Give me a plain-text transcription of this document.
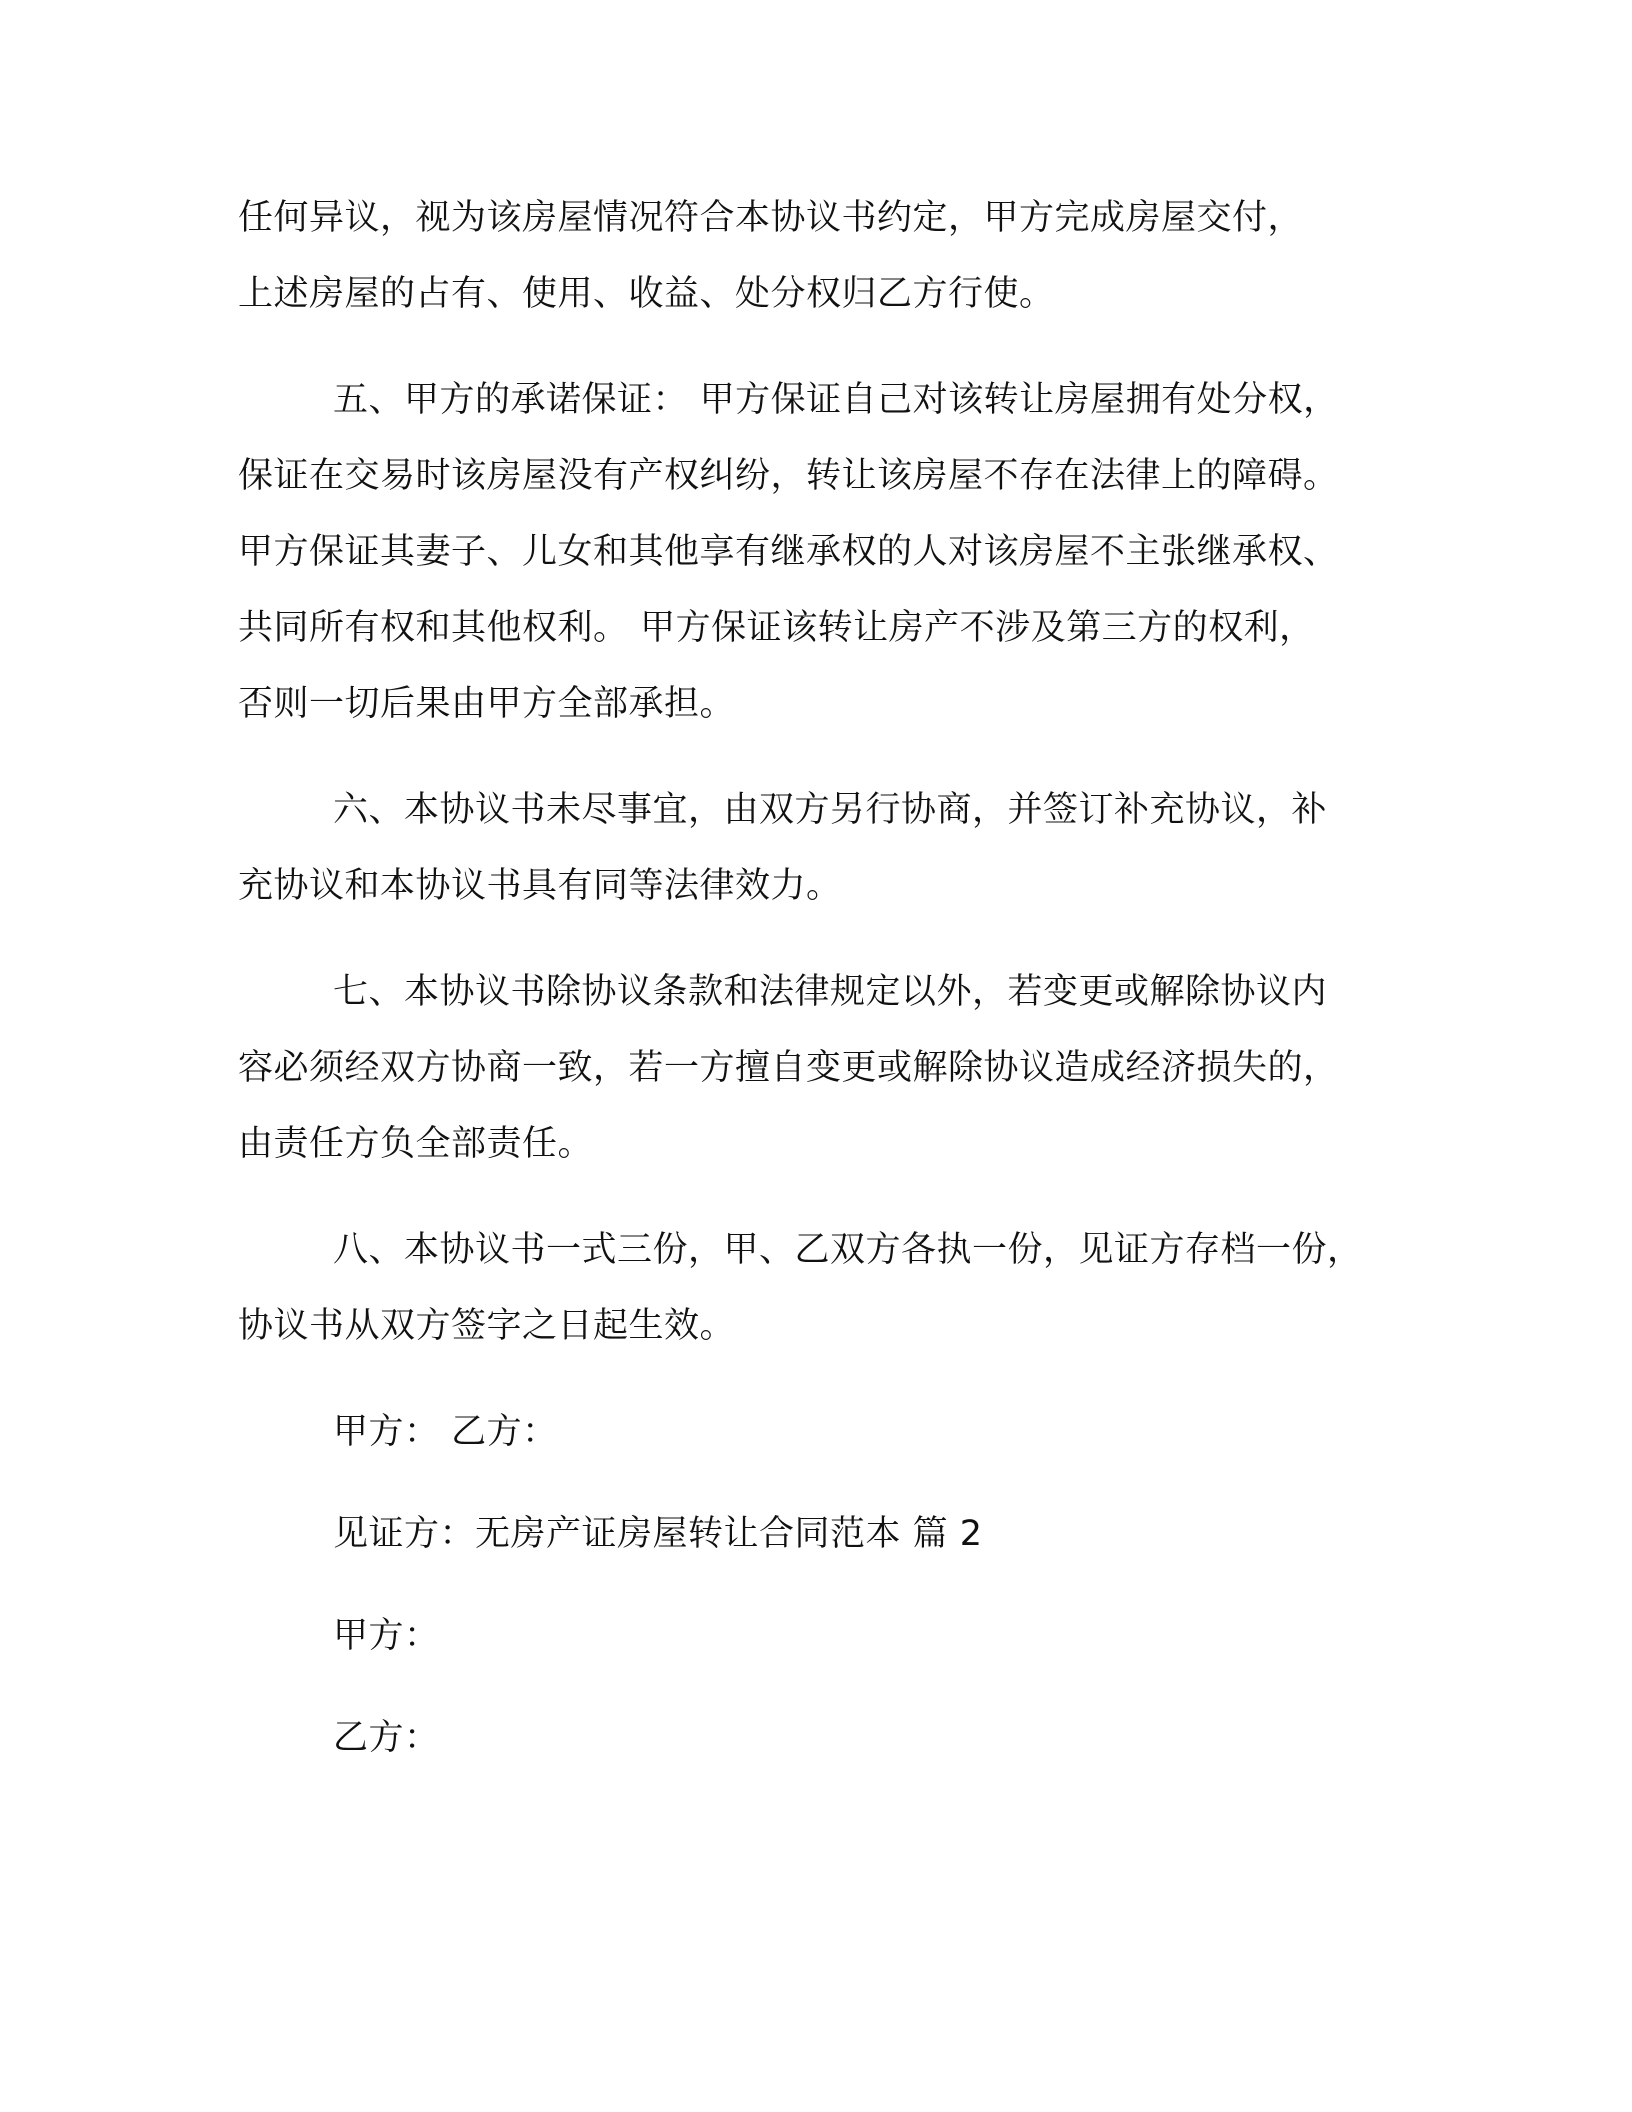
任何异议，视为该房屋情况符合本协议书约定，甲方完成房屋交付，
上述房屋的占有、使用、收益、处分权归乙方行使。
五、甲方的承诺保证： 甲方保证自己对该转让房屋拥有处分权，
保证在交易时该房屋没有产权纠纷，转让该房屋不存在法律上的障碍。
甲方保证其妻子、儿女和其他享有继承权的人对该房屋不主张继承权、
共同所有权和其他权利。 甲方保证该转让房产不涉及第三方的权利，
否则一切后果由甲方全部承担。
六、本协议书未尽事宜，由双方另行协商，并签订补充协议，补
充协议和本协议书具有同等法律效力。
七、本协议书除协议条款和法律规定以外，若变更或解除协议内
容必须经双方协商一致，若一方擅自变更或解除协议造成经济损失的，
由责任方负全部责任。
八、本协议书一式三份，甲、乙双方各执一份，见证方存档一份，
协议书从双方签字之日起生效。
甲方： 乙方：
见证方：无房产证房屋转让合同范本 篇 2
甲方：
乙方：
